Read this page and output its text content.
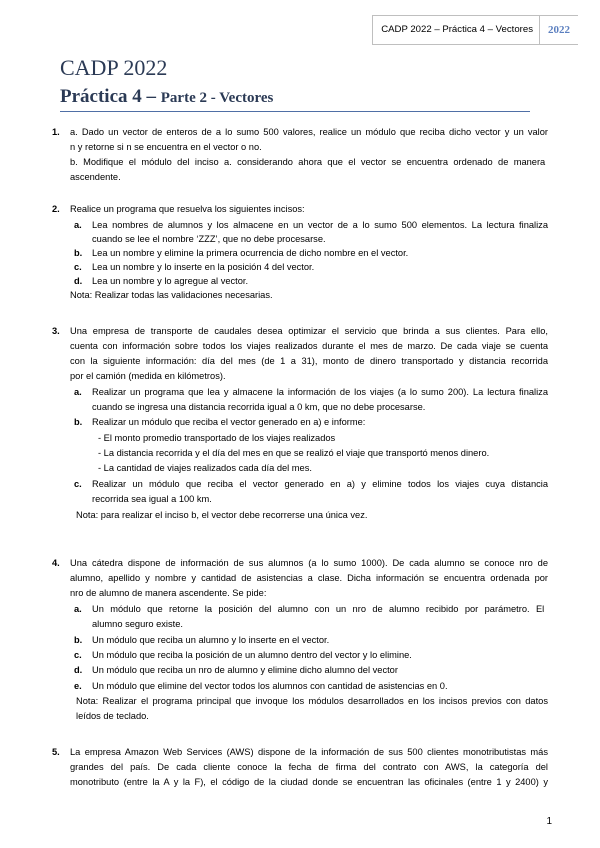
CADP 2022 – Práctica 4 – Vectores	2022
CADP 2022
Práctica 4 – Parte 2 - Vectores
1. a. Dado un vector de enteros de a lo sumo 500 valores, realice un módulo que reciba dicho vector y un valor
n y retorne si n se encuentra en el vector o no.
b. Modifique el módulo del inciso a. considerando ahora que el vector se encuentra ordenado de manera
ascendente.
2. Realice un programa que resuelva los siguientes incisos:
a. Lea nombres de alumnos y los almacene en un vector de a lo sumo 500 elementos. La lectura finaliza
cuando se lee el nombre ‘ZZZ’, que no debe procesarse.
b. Lea un nombre y elimine la primera ocurrencia de dicho nombre en el vector.
c. Lea un nombre y lo inserte en la posición 4 del vector.
d. Lea un nombre y lo agregue al vector.
Nota: Realizar todas las validaciones necesarias.
3. Una empresa de transporte de caudales desea optimizar el servicio que brinda a sus clientes. Para ello,
cuenta con información sobre todos los viajes realizados durante el mes de marzo. De cada viaje se cuenta
con la siguiente información: día del mes (de 1 a 31), monto de dinero transportado y distancia recorrida
por el camión (medida en kilómetros).
a. Realizar un programa que lea y almacene la información de los viajes (a lo sumo 200). La lectura finaliza
cuando se ingresa una distancia recorrida igual a 0 km, que no debe procesarse.
b. Realizar un módulo que reciba el vector generado en a) e informe:
- El monto promedio transportado de los viajes realizados
- La distancia recorrida y el día del mes en que se realizó el viaje que transportó menos dinero.
- La cantidad de viajes realizados cada día del mes.
c. Realizar un módulo que reciba el vector generado en a) y elimine todos los viajes cuya distancia
recorrida sea igual a 100 km.
Nota: para realizar el inciso b, el vector debe recorrerse una única vez.
4. Una cátedra dispone de información de sus alumnos (a lo sumo 1000). De cada alumno se conoce nro de
alumno, apellido y nombre y cantidad de asistencias a clase. Dicha información se encuentra ordenada por
nro de alumno de manera ascendente. Se pide:
a. Un módulo que retorne la posición del alumno con un nro de alumno recibido por parámetro. El
alumno seguro existe.
b. Un módulo que reciba un alumno y lo inserte en el vector.
c. Un módulo que reciba la posición de un alumno dentro del vector y lo elimine.
d. Un módulo que reciba un nro de alumno y elimine dicho alumno del vector
e. Un módulo que elimine del vector todos los alumnos con cantidad de asistencias en 0.
Nota: Realizar el programa principal que invoque los módulos desarrollados en los incisos previos con datos
leídos de teclado.
5. La empresa Amazon Web Services (AWS) dispone de la información de sus 500 clientes monotributistas más
grandes del país. De cada cliente conoce la fecha de firma del contrato con AWS, la categoría del
monotributo (entre la A y la F), el código de la ciudad donde se encuentran las oficinales (entre 1 y 2400) y
1
